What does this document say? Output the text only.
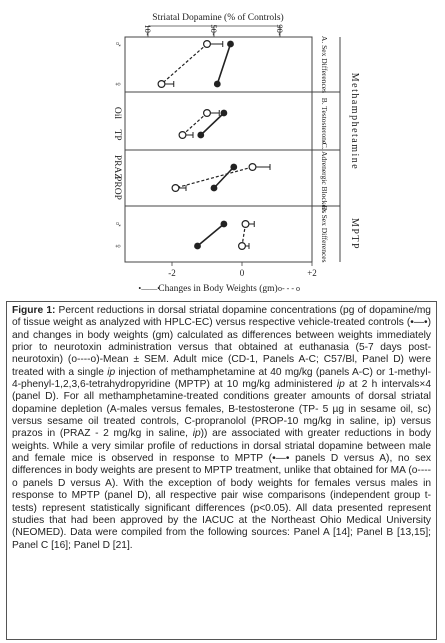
Striatal Dopamine (% of Controls)
10-	50-	90-
-2	0	+2
Changes in Body Weights (gm)
•——•	o- - - o
A. Sex Differences
B. Testosterone
C. Adrenergic Blockers
D. Sex Differences
Methamphetamine
MPTP
♂
♀
Oil
TP
PRAZ
PROP
♂
♀
Figure 1: Percent reductions in dorsal striatal dopamine concentrations (pg of dopamine/mg of tissue weight as analyzed with HPLC-EC) versus respective vehicle-treated controls (•—•) and changes in body weights (gm) calculated as differences between weights immediately prior to neurotoxin administration versus that obtained at euthanasia (5-7 days post-neurotoxin) (o----o)-Mean ± SEM. Adult mice (CD-1, Panels A-C; C57/Bl, Panel D) were treated with a single ip injection of methamphetamine at 40 mg/kg (panels A-C) or 1-methyl-4-phenyl-1,2,3,6-tetrahydropyridine (MPTP) at 10 mg/kg administered ip at 2 h intervals×4 (panel D). For all methamphetamine-treated conditions greater amounts of dorsal striatal dopamine depletion (A-males versus females, B-testosterone (TP- 5 µg in sesame oil, sc) versus sesame oil treated controls, C-propranolol (PROP-10 mg/kg in saline, ip) versus prazos in (PRAZ - 2 mg/kg in saline, ip)) are associated with greater reductions in body weights. While a very similar profile of reductions in dorsal striatal dopamine between male and female mice is observed in response to MPTP (•—• panels D versus A), no sex differences in body weights are present to MPTP treatment, unlike that obtained for MA (o----o panels D versus A). With the exception of body weights for females versus males in response to MPTP (panel D), all respective pair wise comparisons (independent group t-tests) represent statistically significant differences (p<0.05). All data presented represent studies that had been approved by the IACUC at the Northeast Ohio Medical University (NEOMED). Data were compiled from the following sources: Panel A [14]; Panel B [13,15]; Panel C [16]; Panel D [21].
